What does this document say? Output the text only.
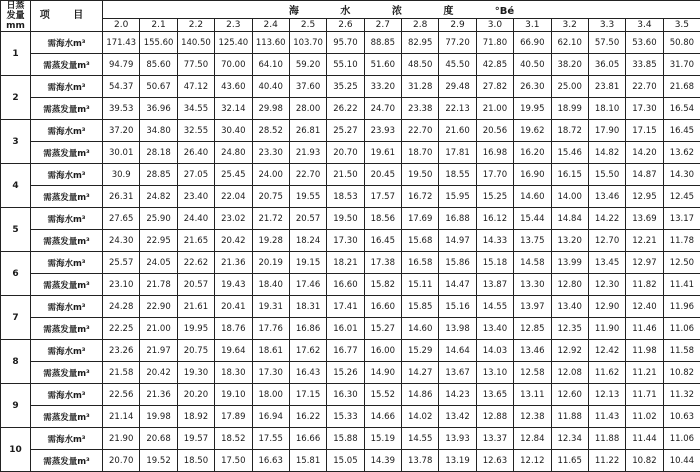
日蒸
发量
mm	项 目	海 水 浓 度 °Bé															
		2.0	2.1	2.2	2.3	2.4	2.5	2.6	2.7	2.8	2.9	3.0	3.1	3.2	3.3	3.4	3.5
1	需海水m³	171.43	155.60	140.50	125.40	113.60	103.70	95.70	88.85	82.95	77.20	71.80	66.90	62.10	57.50	53.60	50.80
	需蒸发量m³	94.79	85.60	77.50	70.00	64.10	59.20	55.10	51.60	48.50	45.50	42.85	40.50	38.20	36.05	33.85	31.70
2	需海水m³	54.37	50.67	47.12	43.60	40.40	37.60	35.25	33.20	31.28	29.48	27.82	26.30	25.00	23.81	22.70	21.68
	需蒸发量m³	39.53	36.96	34.55	32.14	29.98	28.00	26.22	24.70	23.38	22.13	21.00	19.95	18.99	18.10	17.30	16.54
3	需海水m³	37.20	34.80	32.55	30.40	28.52	26.81	25.27	23.93	22.70	21.60	20.56	19.62	18.72	17.90	17.15	16.45
	需蒸发量m³	30.01	28.18	26.40	24.80	23.30	21.93	20.70	19.61	18.70	17.81	16.98	16.20	15.46	14.82	14.20	13.62
4	需海水m³	30.9	28.85	27.05	25.45	24.00	22.70	21.50	20.45	19.50	18.55	17.70	16.90	16.15	15.50	14.87	14.30
	需蒸发量m³	26.31	24.82	23.40	22.04	20.75	19.55	18.53	17.57	16.72	15.95	15.25	14.60	14.00	13.46	12.95	12.45
5	需海水m³	27.65	25.90	24.40	23.02	21.72	20.57	19.50	18.56	17.69	16.88	16.12	15.44	14.84	14.22	13.69	13.17
	需蒸发量m³	24.30	22.95	21.65	20.42	19.28	18.24	17.30	16.45	15.68	14.97	14.33	13.75	13.20	12.70	12.21	11.78
6	需海水m³	25.57	24.05	22.62	21.36	20.19	19.15	18.21	17.38	16.58	15.86	15.18	14.58	13.99	13.45	12.97	12.50
	需蒸发量m³	23.10	21.78	20.57	19.43	18.40	17.46	16.60	15.82	15.11	14.47	13.87	13.30	12.80	12.30	11.82	11.41
7	需海水m³	24.28	22.90	21.61	20.41	19.31	18.31	17.41	16.60	15.85	15.16	14.55	13.97	13.40	12.90	12.40	11.96
	需蒸发量m³	22.25	21.00	19.95	18.76	17.76	16.86	16.01	15.27	14.60	13.98	13.40	12.85	12.35	11.90	11.46	11.06
8	需海水m³	23.26	21.97	20.75	19.64	18.61	17.62	16.77	16.00	15.29	14.64	14.03	13.46	12.92	12.42	11.98	11.58
	需蒸发量m³	21.58	20.42	19.30	18.30	17.30	16.43	15.26	14.90	14.27	13.67	13.10	12.58	12.08	11.62	11.21	10.82
9	需海水m³	22.56	21.36	20.20	19.10	18.00	17.15	16.30	15.52	14.86	14.23	13.65	13.11	12.60	12.13	11.71	11.32
	需蒸发量m³	21.14	19.98	18.92	17.89	16.94	16.22	15.33	14.66	14.02	13.42	12.88	12.38	11.88	11.43	11.02	10.63
10	需海水m³	21.90	20.68	19.57	18.52	17.55	16.66	15.88	15.19	14.55	13.93	13.37	12.84	12.34	11.88	11.44	11.06
	需蒸发量m³	20.70	19.52	18.50	17.50	16.63	15.81	15.05	14.39	13.78	13.19	12.63	12.12	11.65	11.22	10.82	10.44
